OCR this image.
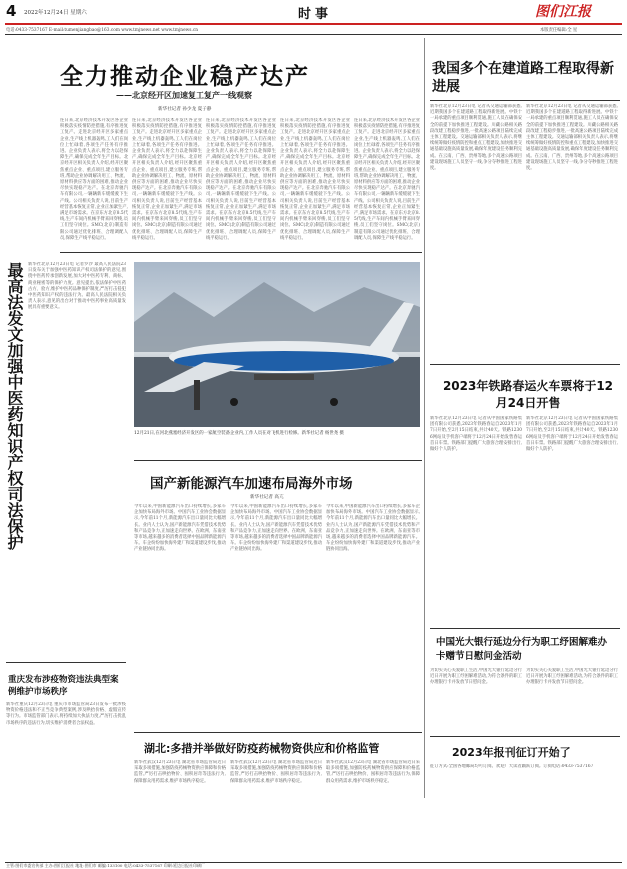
4 2022年12月24日 星期六	时事	图们江报
电话:0433-7537167 E-mail:tumenjiangbao@163.com www.tmjnews.net www.tmjnews.cn	本版责任编辑:全 星
全力推动企业稳产达产
——北京经开区加速复工复产一线观察
新华社记者 孙少龙 夏子静
连日来,北京经济技术开发区各企业积极落实疫情防控措施,有序推进复工复产。走进北京经开区多家重点企业,生产线上机器轰鸣,工人们在岗位上忙碌着,各项生产任务有序推进。企业负责人表示,将全力以赴保障生产,确保完成全年生产目标。北京经开区相关负责人介绍,经开区聚焦重点企业、重点项目,建立服务专班,帮助企业协调解决用工、物流、原材料供应等方面的困难,推动企业尽快实现稳产达产。在北京奔驰汽车有限公司,一辆辆新车缓缓驶下生产线。公司相关负责人说,目前生产经营基本恢复正常,企业正加紧生产,满足市场需求。在京东方北京8.5代线,生产车间内机械手臂来回穿梭,员工们坚守岗位。SMC(北京)制造有限公司通过优化排班、合理调配人员,保障生产线平稳运行。
连日来,北京经济技术开发区各企业积极落实疫情防控措施,有序推进复工复产。走进北京经开区多家重点企业,生产线上机器轰鸣,工人们在岗位上忙碌着,各项生产任务有序推进。企业负责人表示,将全力以赴保障生产,确保完成全年生产目标。北京经开区相关负责人介绍,经开区聚焦重点企业、重点项目,建立服务专班,帮助企业协调解决用工、物流、原材料供应等方面的困难,推动企业尽快实现稳产达产。在北京奔驰汽车有限公司,一辆辆新车缓缓驶下生产线。公司相关负责人说,目前生产经营基本恢复正常,企业正加紧生产,满足市场需求。在京东方北京8.5代线,生产车间内机械手臂来回穿梭,员工们坚守岗位。SMC(北京)制造有限公司通过优化排班、合理调配人员,保障生产线平稳运行。
连日来,北京经济技术开发区各企业积极落实疫情防控措施,有序推进复工复产。走进北京经开区多家重点企业,生产线上机器轰鸣,工人们在岗位上忙碌着,各项生产任务有序推进。企业负责人表示,将全力以赴保障生产,确保完成全年生产目标。北京经开区相关负责人介绍,经开区聚焦重点企业、重点项目,建立服务专班,帮助企业协调解决用工、物流、原材料供应等方面的困难,推动企业尽快实现稳产达产。在北京奔驰汽车有限公司,一辆辆新车缓缓驶下生产线。公司相关负责人说,目前生产经营基本恢复正常,企业正加紧生产,满足市场需求。在京东方北京8.5代线,生产车间内机械手臂来回穿梭,员工们坚守岗位。SMC(北京)制造有限公司通过优化排班、合理调配人员,保障生产线平稳运行。
连日来,北京经济技术开发区各企业积极落实疫情防控措施,有序推进复工复产。走进北京经开区多家重点企业,生产线上机器轰鸣,工人们在岗位上忙碌着,各项生产任务有序推进。企业负责人表示,将全力以赴保障生产,确保完成全年生产目标。北京经开区相关负责人介绍,经开区聚焦重点企业、重点项目,建立服务专班,帮助企业协调解决用工、物流、原材料供应等方面的困难,推动企业尽快实现稳产达产。在北京奔驰汽车有限公司,一辆辆新车缓缓驶下生产线。公司相关负责人说,目前生产经营基本恢复正常,企业正加紧生产,满足市场需求。在京东方北京8.5代线,生产车间内机械手臂来回穿梭,员工们坚守岗位。SMC(北京)制造有限公司通过优化排班、合理调配人员,保障生产线平稳运行。
连日来,北京经济技术开发区各企业积极落实疫情防控措施,有序推进复工复产。走进北京经开区多家重点企业,生产线上机器轰鸣,工人们在岗位上忙碌着,各项生产任务有序推进。企业负责人表示,将全力以赴保障生产,确保完成全年生产目标。北京经开区相关负责人介绍,经开区聚焦重点企业、重点项目,建立服务专班,帮助企业协调解决用工、物流、原材料供应等方面的困难,推动企业尽快实现稳产达产。在北京奔驰汽车有限公司,一辆辆新车缓缓驶下生产线。公司相关负责人说,目前生产经营基本恢复正常,企业正加紧生产,满足市场需求。在京东方北京8.5代线,生产车间内机械手臂来回穿梭,员工们坚守岗位。SMC(北京)制造有限公司通过优化排班、合理调配人员,保障生产线平稳运行。
我国多个在建道路工程取得新进展
新华社北京12月23日电 记者从交通运输部获悉,近期我国多个在建道路工程取得新进展。中铁十一局承建的重点项目顺利贯通,施工人员在确保安全的前提下加快推进工程建设。川藏公路相关路段改建工程稳步推进,一批高速公路项目陆续完成主体工程建设。交通运输部相关负责人表示,将继续统筹做好疫情防控和重点工程建设,加快推进交通基础设施高质量发展,确保年度建设任务顺利完成。在云南、广西、贵州等地,多个高速公路项目建设现场施工人员坚守一线,争分夺秒推进工程进度。
新华社北京12月23日电 记者从交通运输部获悉,近期我国多个在建道路工程取得新进展。中铁十一局承建的重点项目顺利贯通,施工人员在确保安全的前提下加快推进工程建设。川藏公路相关路段改建工程稳步推进,一批高速公路项目陆续完成主体工程建设。交通运输部相关负责人表示,将继续统筹做好疫情防控和重点工程建设,加快推进交通基础设施高质量发展,确保年度建设任务顺利完成。在云南、广西、贵州等地,多个高速公路项目建设现场施工人员坚守一线,争分夺秒推进工程进度。
最高法发文加强中医药知识产权司法保护 新华社北京12月23日电 记者罗沙 最高人民法院23日发布关于加强中医药知识产权司法保护的意见,围绕中医药传承创新发展,加大对中医药专利、商标、商业秘密等的保护力度。意见提出,依法保护中医药古方、验方,维护中医药品种保护制度,严厉打击侵犯中医药知识产权的违法行为。最高人民法院相关负责人表示,意见的出台对于推动中医药事业高质量发展具有重要意义。
重庆发布涉疫物资违法典型案例维护市场秩序
新华社重庆12月23日电 重庆市市场监管局23日发布一批涉疫物资价格违法和不正当竞争典型案例,涉及哄抬价格、虚假宣传等行为。市场监管部门表示,将持续加大执法力度,严厉打击扰乱市场秩序的违法行为,切实维护消费者合法权益。
12月21日,在河北燕塞经济开发区的一家航空装备企业内,工作人员在对飞机进行检修。新华社记者 杨世尧 摄
国产新能源汽车加速布局海外市场
新华社记者 高亢
今年以来,中国新能源汽车出口持续增长,多家车企加快布局海外市场。中国汽车工业协会数据显示,今年前11个月,新能源汽车出口量同比大幅增长。业内人士认为,国产新能源汽车凭借技术优势和产品竞争力,正加速走向世界。在欧洲、东南亚等市场,越来越多的消费者选择中国品牌新能源汽车。车企纷纷加快海外建厂和渠道建设步伐,推动产业链协同出海。
今年以来,中国新能源汽车出口持续增长,多家车企加快布局海外市场。中国汽车工业协会数据显示,今年前11个月,新能源汽车出口量同比大幅增长。业内人士认为,国产新能源汽车凭借技术优势和产品竞争力,正加速走向世界。在欧洲、东南亚等市场,越来越多的消费者选择中国品牌新能源汽车。车企纷纷加快海外建厂和渠道建设步伐,推动产业链协同出海。
今年以来,中国新能源汽车出口持续增长,多家车企加快布局海外市场。中国汽车工业协会数据显示,今年前11个月,新能源汽车出口量同比大幅增长。业内人士认为,国产新能源汽车凭借技术优势和产品竞争力,正加速走向世界。在欧洲、东南亚等市场,越来越多的消费者选择中国品牌新能源汽车。车企纷纷加快海外建厂和渠道建设步伐,推动产业链协同出海。
湖北:多措并举做好防疫药械物资供应和价格监管
新华社武汉12月23日电 湖北省市场监管局近日采取多项措施,加强防疫药械物资供应保障和价格监管,严厉打击哄抬物价、囤积居奇等违法行为,保障群众用药需求,维护市场秩序稳定。
新华社武汉12月23日电 湖北省市场监管局近日采取多项措施,加强防疫药械物资供应保障和价格监管,严厉打击哄抬物价、囤积居奇等违法行为,保障群众用药需求,维护市场秩序稳定。
新华社武汉12月23日电 湖北省市场监管局近日采取多项措施,加强防疫药械物资供应保障和价格监管,严厉打击哄抬物价、囤积居奇等违法行为,保障群众用药需求,维护市场秩序稳定。
2023年铁路春运火车票将于12月24日开售
新华社北京12月23日电 记者从中国国家铁路集团有限公司获悉,2023年铁路春运自2023年1月7日开始,至2月15日结束,共计40天。铁路12306网站及手机客户端将于12月24日开始发售春运首日车票。铁路部门提醒广大旅客合理安排出行,做好个人防护。
新华社北京12月23日电 记者从中国国家铁路集团有限公司获悉,2023年铁路春运自2023年1月7日开始,至2月15日结束,共计40天。铁路12306网站及手机客户端将于12月24日开始发售春运首日车票。铁路部门提醒广大旅客合理安排出行,做好个人防护。
中国光大银行延边分行为职工纾困解难办卡赠节日慰问金活动
为切实关心关爱职工生活,中国光大银行延边分行近日开展为职工纾困解难活动,为符合条件的职工办理银行卡并发放节日慰问金。
为切实关心关爱职工生活,中国光大银行延边分行近日开展为职工纾困解难活动,为符合条件的职工办理银行卡并发放节日慰问金。
2023年报刊征订开始了
征订方式:全国各地邮局均可订阅。欢迎广大读者踊跃订阅。订阅电话:0433-7537167
主管:图们市委宣传部 主办:图们江报社 地址:图们市 邮编:133100 电话:0433-7537167 印刷:延边日报社印刷厂
